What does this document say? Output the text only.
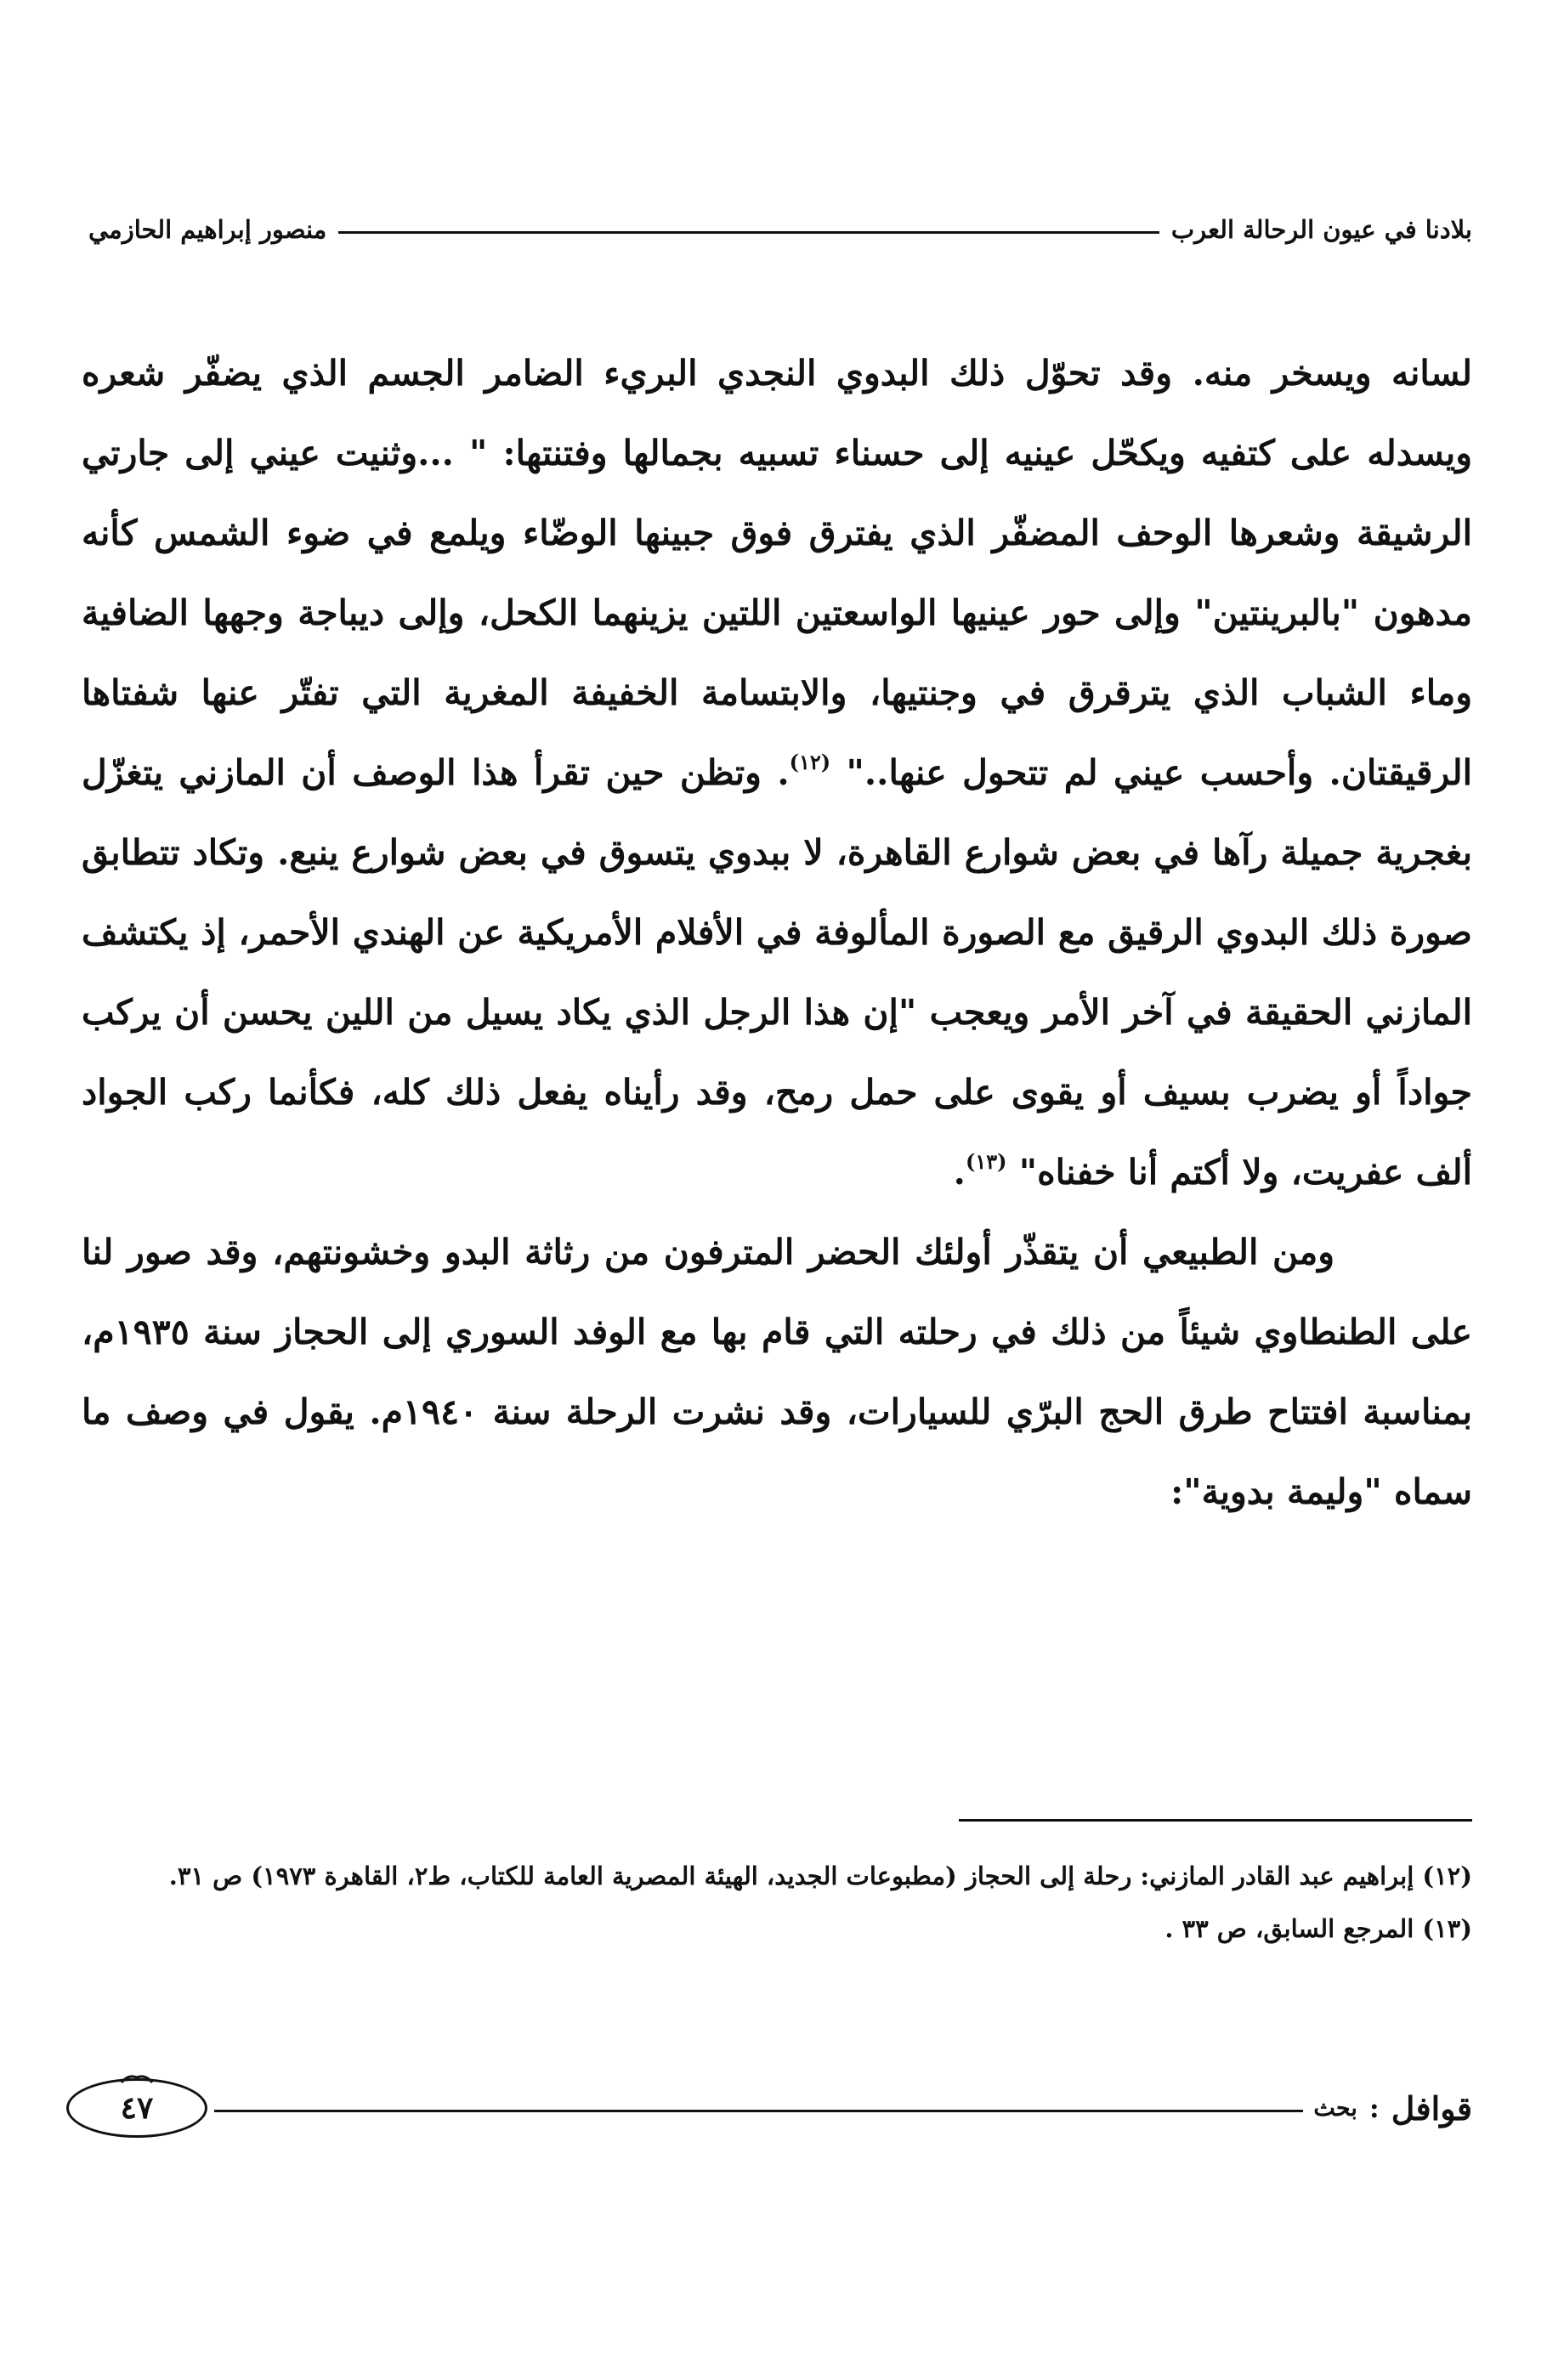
بلادنا في عيون الرحالة العرب
منصور إبراهيم الحازمي

لسانه ويسخر منه. وقد تحوّل ذلك البدوي النجدي البريء الضامر الجسم الذي يضفّر شعره ويسدله على كتفيه ويكحّل عينيه إلى حسناء تسبيه بجمالها وفتنتها: " ...وثنيت عيني إلى جارتي الرشيقة وشعرها الوحف المضفّر الذي يفترق فوق جبينها الوضّاء ويلمع في ضوء الشمس كأنه مدهون "بالبرينتين" وإلى حور عينيها الواسعتين اللتين يزينهما الكحل، وإلى ديباجة وجهها الضافية وماء الشباب الذي يترقرق في وجنتيها، والابتسامة الخفيفة المغرية التي تفتّر عنها شفتاها الرقيقتان. وأحسب عيني لم تتحول عنها.." $^{(١٢)}$. وتظن حين تقرأ هذا الوصف أن المازني يتغزّل بغجرية جميلة رآها في بعض شوارع القاهرة، لا ببدوي يتسوق في بعض شوارع ينبع. وتكاد تتطابق صورة ذلك البدوي الرقيق مع الصورة المألوفة في الأفلام الأمريكية عن الهندي الأحمر، إذ يكتشف المازني الحقيقة في آخر الأمر ويعجب "إن هذا الرجل الذي يكاد يسيل من اللين يحسن أن يركب جواداً أو يضرب بسيف أو يقوى على حمل رمح، وقد رأيناه يفعل ذلك كله، فكأنما ركب الجواد ألف عفريت، ولا أكتم أنا خفناه" $^{(١٣)}$.

ومن الطبيعي أن يتقذّر أولئك الحضر المترفون من رثاثة البدو وخشونتهم، وقد صور لنا على الطنطاوي شيئاً من ذلك في رحلته التي قام بها مع الوفد السوري إلى الحجاز سنة ١٩٣٥م، بمناسبة افتتاح طرق الحج البرّي للسيارات، وقد نشرت الرحلة سنة ١٩٤٠م. يقول في وصف ما سماه "وليمة بدوية":

(١٢) إبراهيم عبد القادر المازني: رحلة إلى الحجاز (مطبوعات الجديد، الهيئة المصرية العامة للكتاب، ط٢، القاهرة ١٩٧٣) ص ٣١.

(١٣) المرجع السابق، ص ٣٣ .

قوافل
:
بحث
٤٧
